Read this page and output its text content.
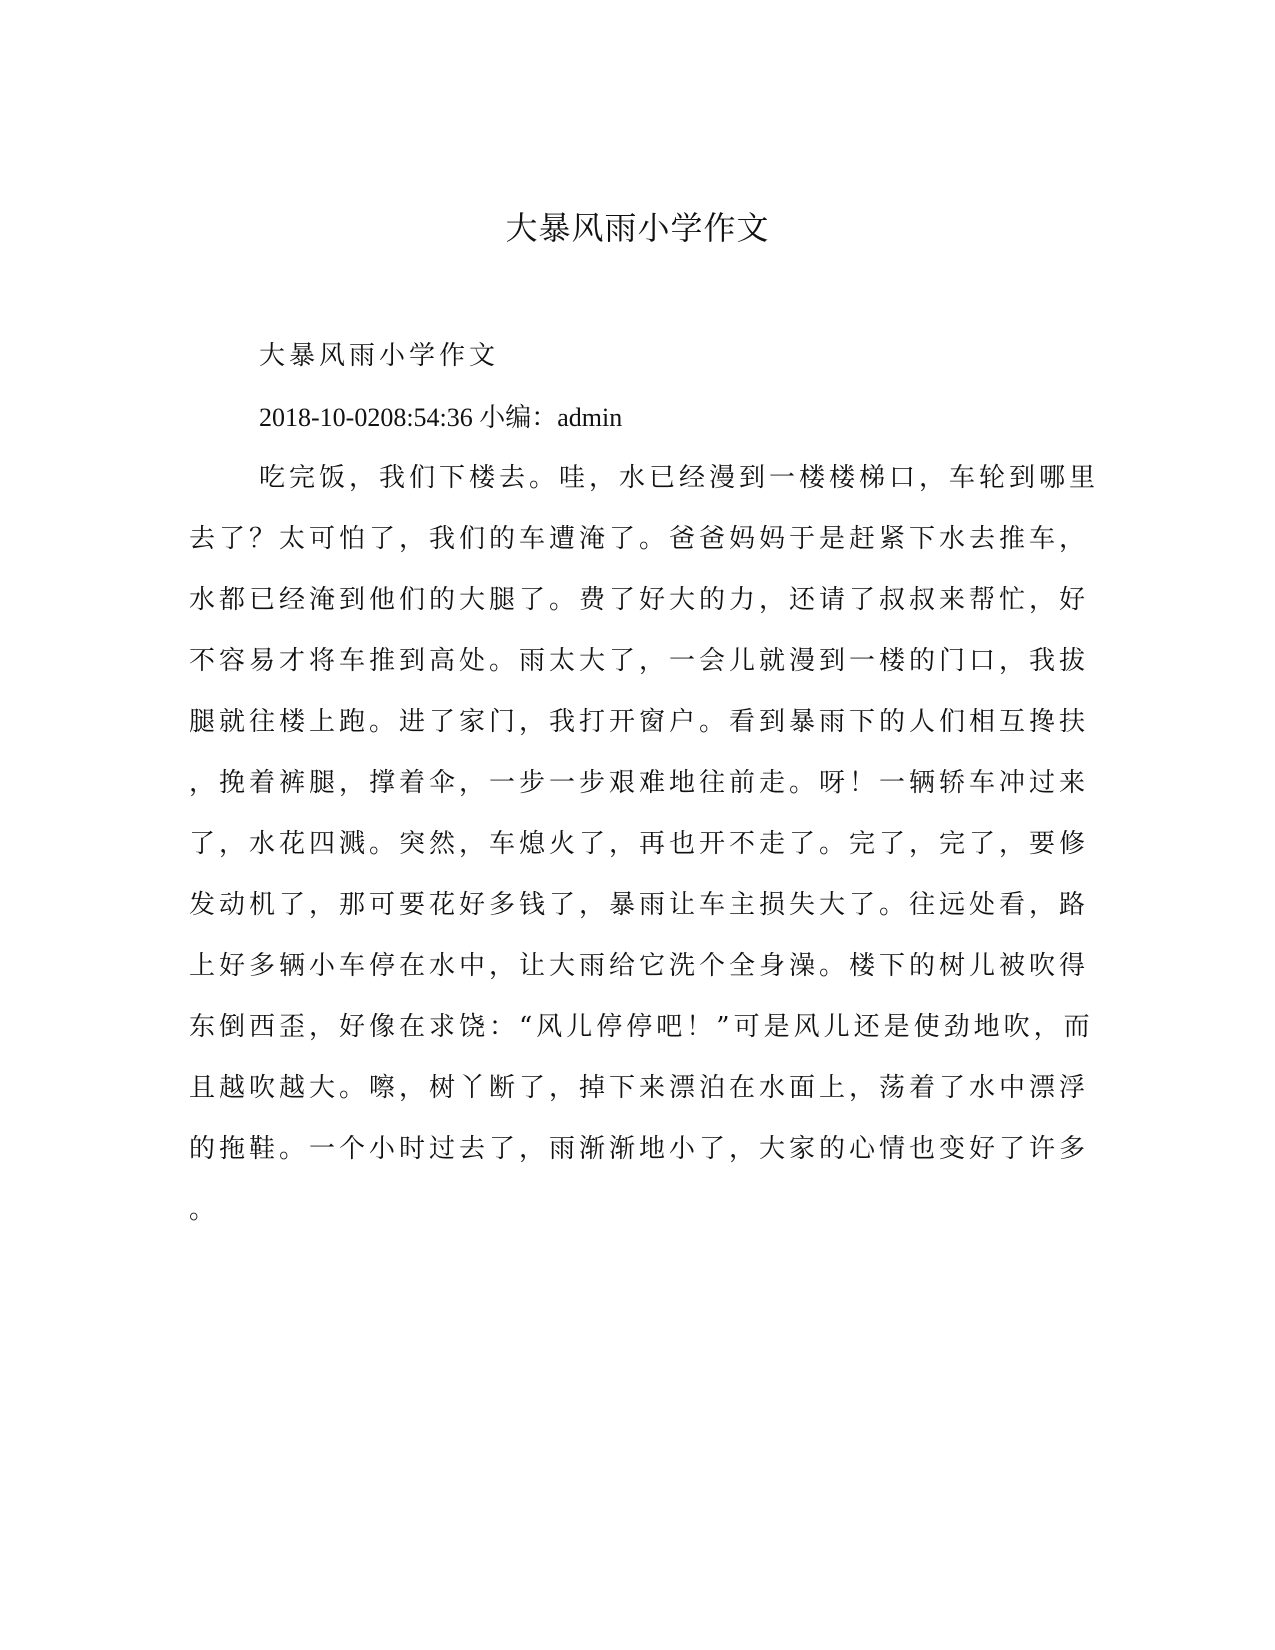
大暴风雨小学作文
大暴风雨小学作文
2018-10-0208:54:36 小编：admin
吃完饭，我们下楼去。哇，水已经漫到一楼楼梯口，车轮到哪里
去了？太可怕了，我们的车遭淹了。爸爸妈妈于是赶紧下水去推车，
水都已经淹到他们的大腿了。费了好大的力，还请了叔叔来帮忙，好
不容易才将车推到高处。雨太大了，一会儿就漫到一楼的门口，我拔
腿就往楼上跑。进了家门，我打开窗户。看到暴雨下的人们相互搀扶
，挽着裤腿，撑着伞，一步一步艰难地往前走。呀！一辆轿车冲过来
了，水花四溅。突然，车熄火了，再也开不走了。完了，完了，要修
发动机了，那可要花好多钱了，暴雨让车主损失大了。往远处看，路
上好多辆小车停在水中，让大雨给它洗个全身澡。楼下的树儿被吹得
东倒西歪，好像在求饶：“风儿停停吧！”可是风儿还是使劲地吹，而
且越吹越大。嚓，树丫断了，掉下来漂泊在水面上，荡着了水中漂浮
的拖鞋。一个小时过去了，雨渐渐地小了，大家的心情也变好了许多
。
